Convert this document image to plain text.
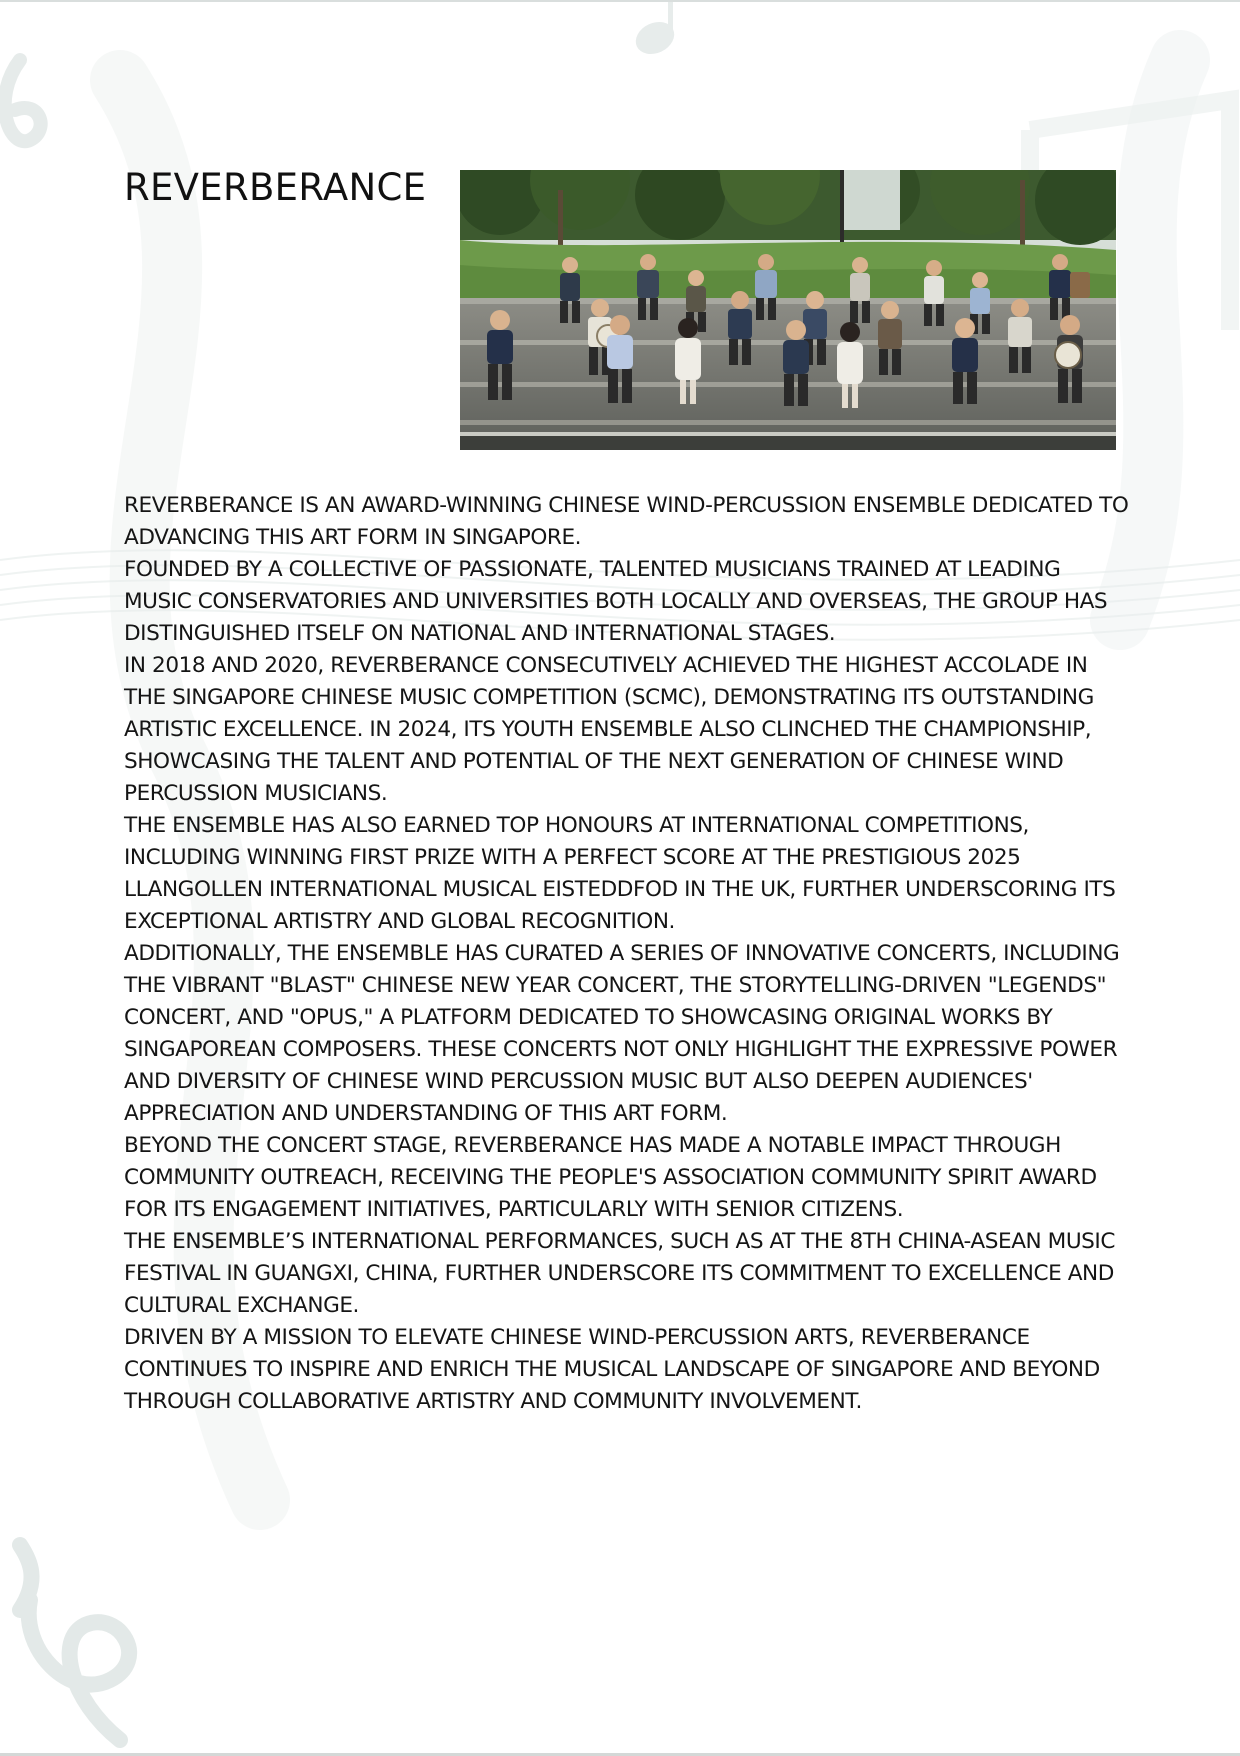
REVERBERANCE

REVERBERANCE IS AN AWARD-WINNING CHINESE WIND-PERCUSSION ENSEMBLE DEDICATED TO ADVANCING THIS ART FORM IN SINGAPORE.

FOUNDED BY A COLLECTIVE OF PASSIONATE, TALENTED MUSICIANS TRAINED AT LEADING MUSIC CONSERVATORIES AND UNIVERSITIES BOTH LOCALLY AND OVERSEAS, THE GROUP HAS DISTINGUISHED ITSELF ON NATIONAL AND INTERNATIONAL STAGES.

IN 2018 AND 2020, REVERBERANCE CONSECUTIVELY ACHIEVED THE HIGHEST ACCOLADE IN THE SINGAPORE CHINESE MUSIC COMPETITION (SCMC), DEMONSTRATING ITS OUTSTANDING ARTISTIC EXCELLENCE. IN 2024, ITS YOUTH ENSEMBLE ALSO CLINCHED THE CHAMPIONSHIP, SHOWCASING THE TALENT AND POTENTIAL OF THE NEXT GENERATION OF CHINESE WIND PERCUSSION MUSICIANS.

THE ENSEMBLE HAS ALSO EARNED TOP HONOURS AT INTERNATIONAL COMPETITIONS, INCLUDING WINNING FIRST PRIZE WITH A PERFECT SCORE AT THE PRESTIGIOUS 2025 LLANGOLLEN INTERNATIONAL MUSICAL EISTEDDFOD IN THE UK, FURTHER UNDERSCORING ITS EXCEPTIONAL ARTISTRY AND GLOBAL RECOGNITION.

ADDITIONALLY, THE ENSEMBLE HAS CURATED A SERIES OF INNOVATIVE CONCERTS, INCLUDING THE VIBRANT "BLAST" CHINESE NEW YEAR CONCERT, THE STORYTELLING-DRIVEN "LEGENDS" CONCERT, AND "OPUS," A PLATFORM DEDICATED TO SHOWCASING ORIGINAL WORKS BY SINGAPOREAN COMPOSERS. THESE CONCERTS NOT ONLY HIGHLIGHT THE EXPRESSIVE POWER AND DIVERSITY OF CHINESE WIND PERCUSSION MUSIC BUT ALSO DEEPEN AUDIENCES' APPRECIATION AND UNDERSTANDING OF THIS ART FORM.

BEYOND THE CONCERT STAGE, REVERBERANCE HAS MADE A NOTABLE IMPACT THROUGH COMMUNITY OUTREACH, RECEIVING THE PEOPLE'S ASSOCIATION COMMUNITY SPIRIT AWARD FOR ITS ENGAGEMENT INITIATIVES, PARTICULARLY WITH SENIOR CITIZENS.

THE ENSEMBLE’S INTERNATIONAL PERFORMANCES, SUCH AS AT THE 8TH CHINA-ASEAN MUSIC FESTIVAL IN GUANGXI, CHINA, FURTHER UNDERSCORE ITS COMMITMENT TO EXCELLENCE AND CULTURAL EXCHANGE.

DRIVEN BY A MISSION TO ELEVATE CHINESE WIND-PERCUSSION ARTS, REVERBERANCE CONTINUES TO INSPIRE AND ENRICH THE MUSICAL LANDSCAPE OF SINGAPORE AND BEYOND THROUGH COLLABORATIVE ARTISTRY AND COMMUNITY INVOLVEMENT.
